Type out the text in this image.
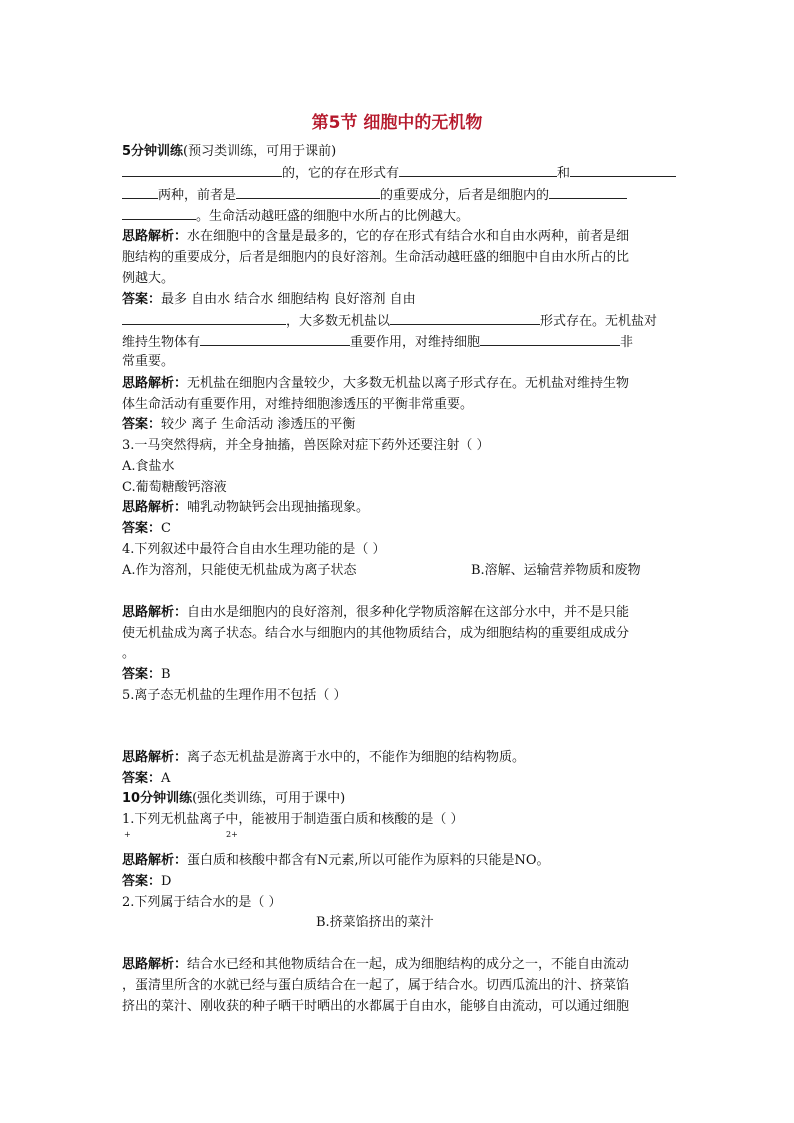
第5节 细胞中的无机物
5分钟训练(预习类训练，可用于课前)
的，它的存在形式有	和
两种，前者是	的重要成分，后者是细胞内的
。生命活动越旺盛的细胞中水所占的比例越大。
思路解析：水在细胞中的含量是最多的，它的存在形式有结合水和自由水两种，前者是细
胞结构的重要成分，后者是细胞内的良好溶剂。生命活动越旺盛的细胞中自由水所占的比
例越大。
答案：最多 自由水 结合水 细胞结构 良好溶剂 自由
，大多数无机盐以	形式存在。无机盐对
维持生物体有	重要作用，对维持细胞	非
常重要。
思路解析：无机盐在细胞内含量较少，大多数无机盐以离子形式存在。无机盐对维持生物
体生命活动有重要作用，对维持细胞渗透压的平衡非常重要。
答案：较少 离子 生命活动 渗透压的平衡
3.一马突然得病，并全身抽搐，兽医除对症下药外还要注射（ ）
A.食盐水
C.葡萄糖酸钙溶液
思路解析：哺乳动物缺钙会出现抽搐现象。
答案：C
4.下列叙述中最符合自由水生理功能的是（ ）
A.作为溶剂，只能使无机盐成为离子状态	B.溶解、运输营养物质和废物
思路解析：自由水是细胞内的良好溶剂，很多种化学物质溶解在这部分水中，并不是只能
使无机盐成为离子状态。结合水与细胞内的其他物质结合，成为细胞结构的重要组成成分
。
答案：B
5.离子态无机盐的生理作用不包括（ ）
思路解析：离子态无机盐是游离于水中的，不能作为细胞的结构物质。
答案：A
10分钟训练(强化类训练，可用于课中)
1.下列无机盐离子中，能被用于制造蛋白质和核酸的是（ ）
+	2+
思路解析：蛋白质和核酸中都含有N元素,所以可能作为原料的只能是NO。
答案：D
2.下列属于结合水的是（ ）
B.挤菜馅挤出的菜汁
思路解析：结合水已经和其他物质结合在一起，成为细胞结构的成分之一，不能自由流动
，蛋清里所含的水就已经与蛋白质结合在一起了，属于结合水。切西瓜流出的汁、挤菜馅
挤出的菜汁、刚收获的种子晒干时晒出的水都属于自由水，能够自由流动，可以通过细胞
